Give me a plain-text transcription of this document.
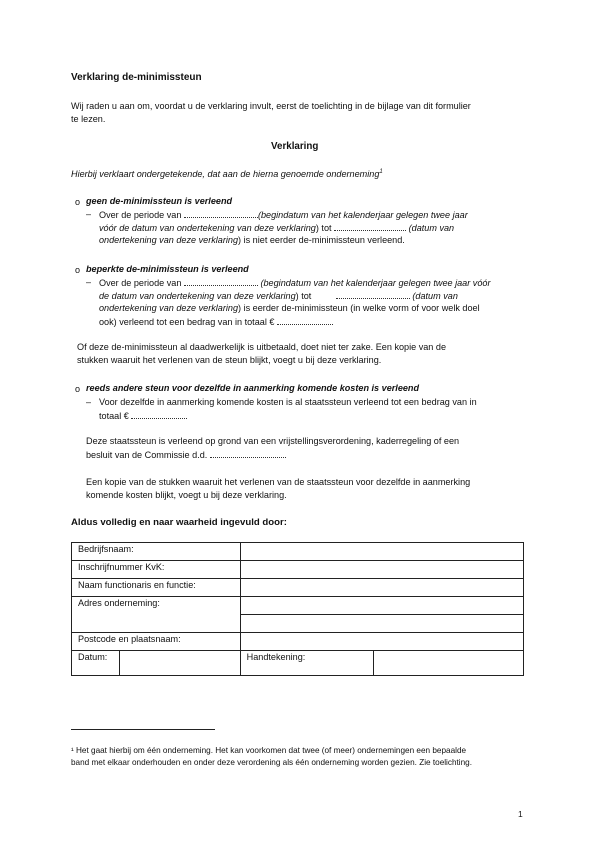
Verklaring de-minimissteun
Wij raden u aan om, voordat u de verklaring invult, eerst de toelichting in de bijlage van dit formulier
te lezen.
Verklaring
Hierbij verklaart ondergetekende, dat aan de hierna genoemde onderneming$^1$
o geen de-minimissteun is verleend
– Over de periode van	(begindatum van het kalenderjaar gelegen twee jaar
vóór de datum van ondertekening van deze verklaring) tot	(datum van
ondertekening van deze verklaring) is niet eerder de-minimissteun verleend.
o beperkte de-minimissteun is verleend
– Over de periode van	(begindatum van het kalenderjaar gelegen twee jaar vóór
de datum van ondertekening van deze verklaring) tot	(datum van
ondertekening van deze verklaring) is eerder de-minimissteun (in welke vorm of voor welk doel
ook) verleend tot een bedrag van in totaal €
Of deze de-minimissteun al daadwerkelijk is uitbetaald, doet niet ter zake. Een kopie van de
stukken waaruit het verlenen van de steun blijkt, voegt u bij deze verklaring.
o reeds andere steun voor dezelfde in aanmerking komende kosten is verleend
– Voor dezelfde in aanmerking komende kosten is al staatssteun verleend tot een bedrag van in
totaal €
Deze staatssteun is verleend op grond van een vrijstellingsverordening, kaderregeling of een
besluit van de Commissie d.d.
Een kopie van de stukken waaruit het verlenen van de staatssteun voor dezelfde in aanmerking
komende kosten blijkt, voegt u bij deze verklaring.
Aldus volledig en naar waarheid ingevuld door:
Bedrijfsnaam:			
Inschrijfnummer KvK:			
Naam functionaris en functie:			
Adres onderneming:			

Postcode en plaatsnaam:			
Datum:		Handtekening:	
¹ Het gaat hierbij om één onderneming. Het kan voorkomen dat twee (of meer) ondernemingen een bepaalde
band met elkaar onderhouden en onder deze verordening als één onderneming worden gezien. Zie toelichting.
1
